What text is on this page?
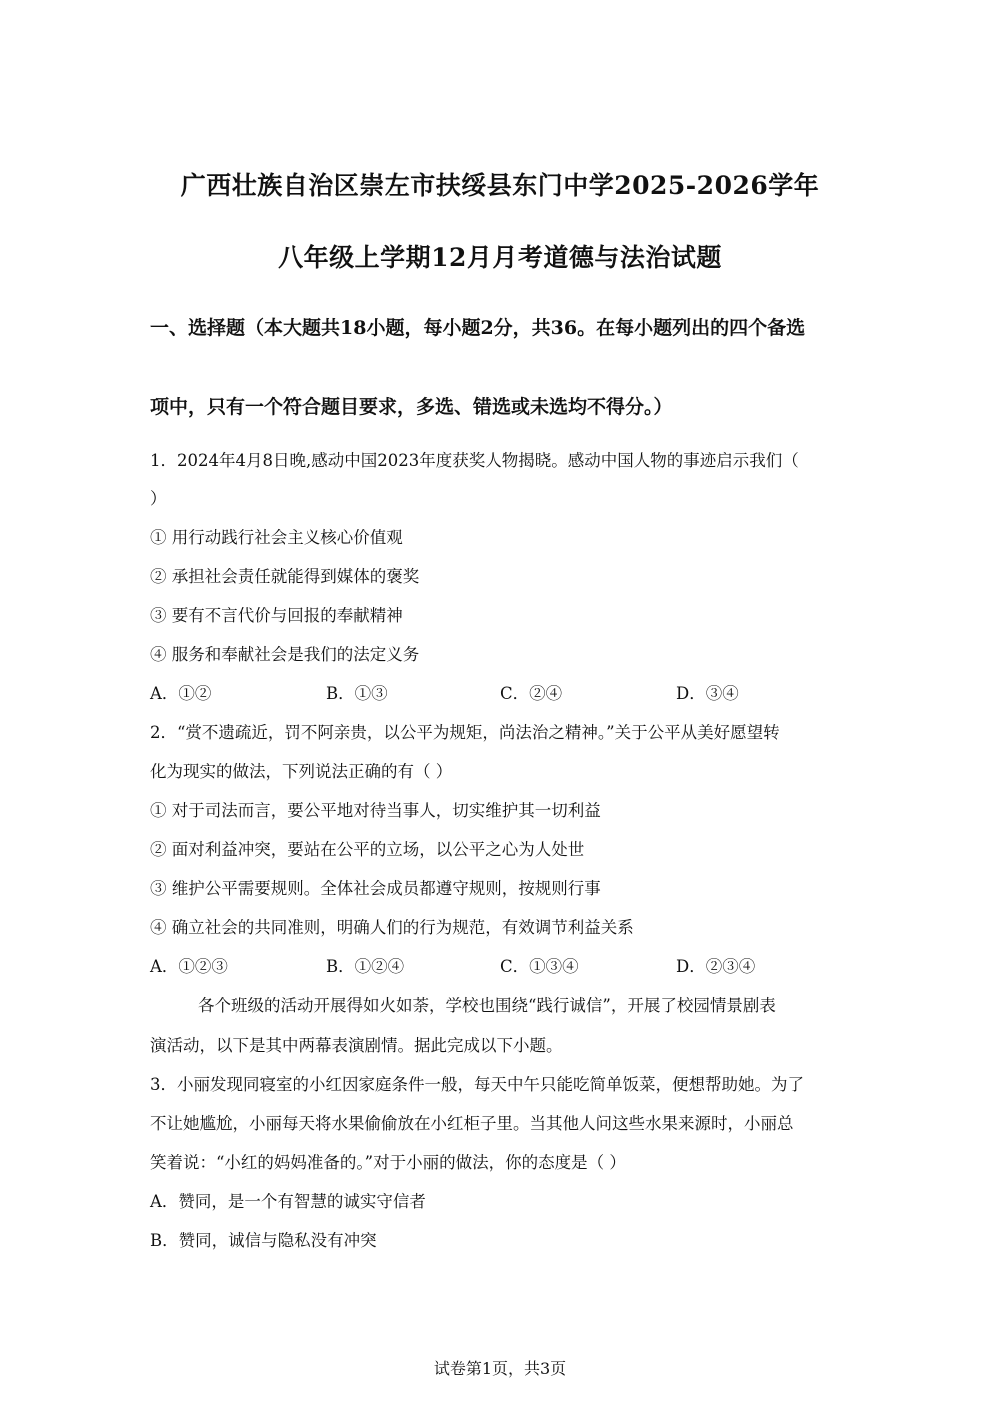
广西壮族自治区崇左市扶绥县东门中学2025-2026学年
八年级上学期12月月考道德与法治试题
一、选择题（本大题共18小题，每小题2分，共36。在每小题列出的四个备选
项中，只有一个符合题目要求，多选、错选或未选均不得分。）
1．2024年4月8日晚,感动中国2023年度获奖人物揭晓。感动中国人物的事迹启示我们（
）
① 用行动践行社会主义核心价值观
② 承担社会责任就能得到媒体的褒奖
③ 要有不言代价与回报的奉献精神
④ 服务和奉献社会是我们的法定义务
A．①②	B．①③	C．②④	D．③④
2．“赏不遗疏近，罚不阿亲贵，以公平为规矩，尚法治之精神。”关于公平从美好愿望转
化为现实的做法，下列说法正确的有（ ）
① 对于司法而言，要公平地对待当事人，切实维护其一切利益
② 面对利益冲突，要站在公平的立场，以公平之心为人处世
③ 维护公平需要规则。全体社会成员都遵守规则，按规则行事
④ 确立社会的共同准则，明确人们的行为规范，有效调节利益关系
A．①②③	B．①②④	C．①③④	D．②③④
各个班级的活动开展得如火如荼，学校也围绕“践行诚信”，开展了校园情景剧表
演活动，以下是其中两幕表演剧情。据此完成以下小题。
3．小丽发现同寝室的小红因家庭条件一般，每天中午只能吃简单饭菜，便想帮助她。为了
不让她尴尬，小丽每天将水果偷偷放在小红柜子里。当其他人问这些水果来源时，小丽总
笑着说：“小红的妈妈准备的。”对于小丽的做法，你的态度是（ ）
A．赞同，是一个有智慧的诚实守信者
B．赞同，诚信与隐私没有冲突
试卷第1页，共3页
